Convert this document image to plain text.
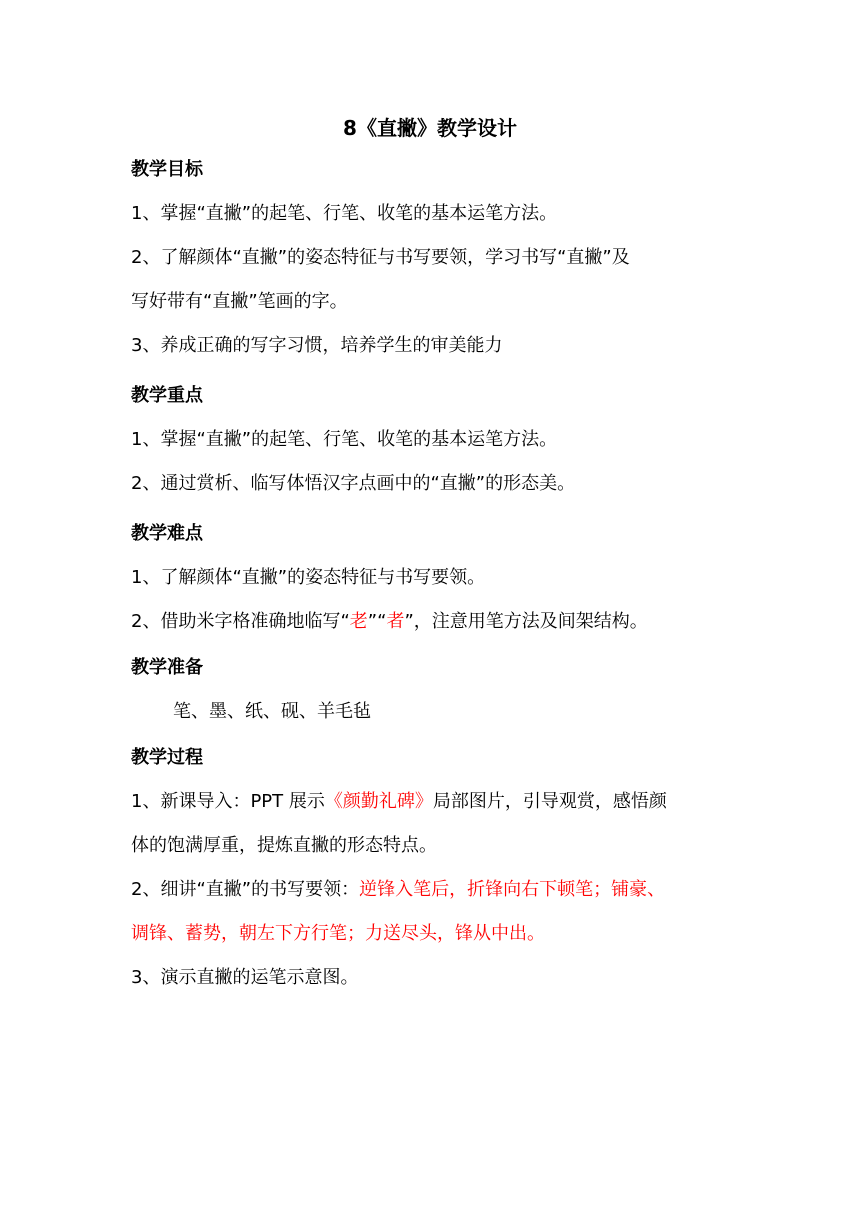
8《直撇》教学设计
教学目标
1、掌握“直撇”的起笔、行笔、收笔的基本运笔方法。
2、了解颜体“直撇”的姿态特征与书写要领，学习书写“直撇”及
写好带有“直撇”笔画的字。
3、养成正确的写字习惯，培养学生的审美能力
教学重点
1、掌握“直撇”的起笔、行笔、收笔的基本运笔方法。
2、通过赏析、临写体悟汉字点画中的“直撇”的形态美。
教学难点
1、了解颜体“直撇”的姿态特征与书写要领。
2、借助米字格准确地临写“老”“者”，注意用笔方法及间架结构。
教学准备
笔、墨、纸、砚、羊毛毡
教学过程
1、新课导入：PPT 展示《颜勤礼碑》局部图片，引导观赏，感悟颜
体的饱满厚重，提炼直撇的形态特点。
2、细讲“直撇”的书写要领：逆锋入笔后，折锋向右下顿笔；铺豪、
调锋、蓄势，朝左下方行笔；力送尽头，锋从中出。
3、演示直撇的运笔示意图。
